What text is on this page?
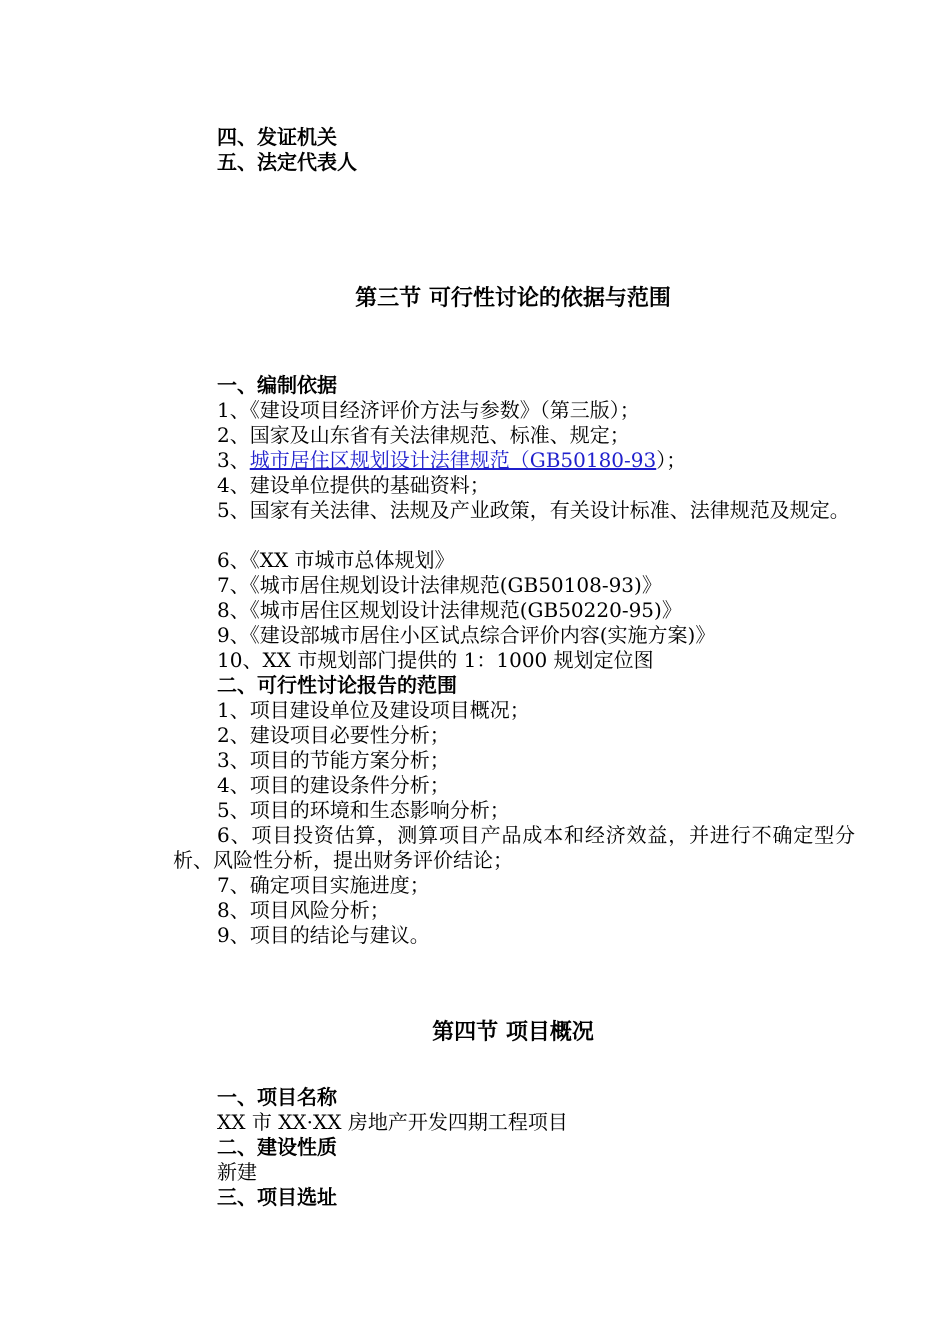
四、发证机关
五、法定代表人
第三节 可行性讨论的依据与范围
一、编制依据
1、《建设项目经济评价方法与参数》（第三版）；
2、国家及山东省有关法律规范、标准、规定；
3、城市居住区规划设计法律规范（GB50180-93）；
4、建设单位提供的基础资料；
5、国家有关法律、法规及产业政策，有关设计标准、法律规范及规定。
6、《XX 市城市总体规划》
7、《城市居住规划设计法律规范(GB50108-93)》
8、《城市居住区规划设计法律规范(GB50220-95)》
9、《建设部城市居住小区试点综合评价内容(实施方案)》
10、XX 市规划部门提供的 1：1000 规划定位图
二、可行性讨论报告的范围
1、项目建设单位及建设项目概况；
2、建设项目必要性分析；
3、项目的节能方案分析；
4、项目的建设条件分析；
5、项目的环境和生态影响分析；
6、项目投资估算，测算项目产品成本和经济效益，并进行不确定型分析、风险性分析，提出财务评价结论；
7、确定项目实施进度；
8、项目风险分析；
9、项目的结论与建议。
第四节 项目概况
一、项目名称
XX 市 XX·XX 房地产开发四期工程项目
二、建设性质
新建
三、项目选址
